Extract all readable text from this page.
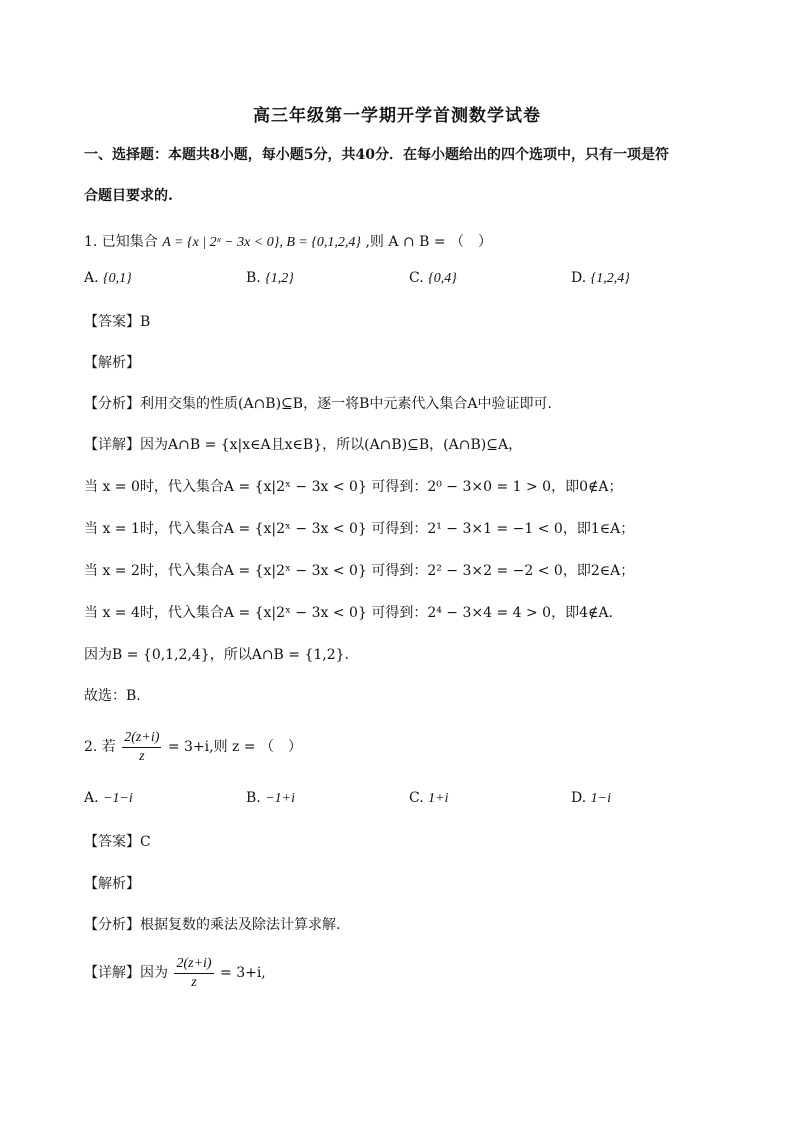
高三年级第一学期开学首测数学试卷
一、选择题：本题共8小题，每小题5分，共40分．在每小题给出的四个选项中，只有一项是符
合题目要求的.
1. 已知集合 A = {x | 2ˣ − 3x < 0}, B = {0,1,2,4} ,则 A ∩ B = （　）
A. {0,1}	B. {1,2}	C. {0,4}	D. {1,2,4}
【答案】B
【解析】
【分析】利用交集的性质(A∩B)⊆B，逐一将B中元素代入集合A中验证即可.
【详解】因为A∩B = {x|x∈A且x∈B}，所以(A∩B)⊆B，(A∩B)⊆A，
当 x = 0时，代入集合A = {x|2ˣ − 3x < 0} 可得到：2⁰ − 3×0 = 1 > 0，即0∉A；
当 x = 1时，代入集合A = {x|2ˣ − 3x < 0} 可得到：2¹ − 3×1 = −1 < 0，即1∈A；
当 x = 2时，代入集合A = {x|2ˣ − 3x < 0} 可得到：2² − 3×2 = −2 < 0，即2∈A；
当 x = 4时，代入集合A = {x|2ˣ − 3x < 0} 可得到：2⁴ − 3×4 = 4 > 0，即4∉A.
因为B = {0,1,2,4}，所以A∩B = {1,2}.
故选：B.
2. 若 $\frac{2(z+i)}{z} = 3+i$,则 z = （　）
A. −1−i	B. −1+i	C. 1+i	D. 1−i
【答案】C
【解析】
【分析】根据复数的乘法及除法计算求解.
【详解】因为 $\frac{2(z+i)}{z} = 3+i$,
